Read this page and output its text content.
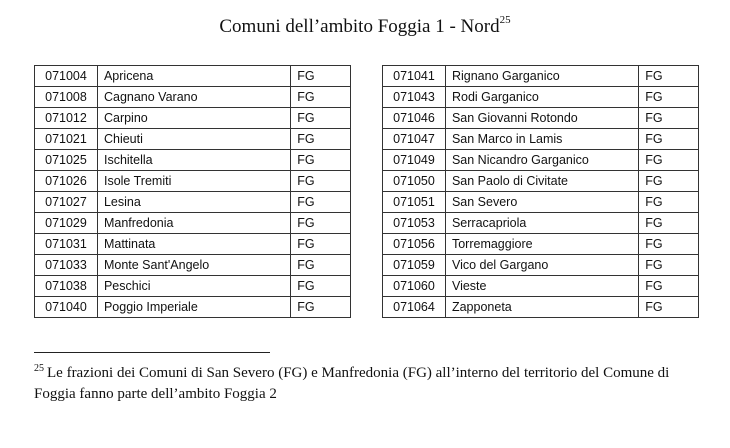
Comuni dell’ambito Foggia 1 - Nord$^{25}$
071004	Apricena	FG
071008	Cagnano Varano	FG
071012	Carpino	FG
071021	Chieuti	FG
071025	Ischitella	FG
071026	Isole Tremiti	FG
071027	Lesina	FG
071029	Manfredonia	FG
071031	Mattinata	FG
071033	Monte Sant'Angelo	FG
071038	Peschici	FG
071040	Poggio Imperiale	FG
071041	Rignano Garganico	FG
071043	Rodi Garganico	FG
071046	San Giovanni Rotondo	FG
071047	San Marco in Lamis	FG
071049	San Nicandro Garganico	FG
071050	San Paolo di Civitate	FG
071051	San Severo	FG
071053	Serracapriola	FG
071056	Torremaggiore	FG
071059	Vico del Gargano	FG
071060	Vieste	FG
071064	Zapponeta	FG
$^{25}$ Le frazioni dei Comuni di San Severo (FG) e Manfredonia (FG) all’interno del territorio del Comune di Foggia fanno parte dell’ambito Foggia 2
